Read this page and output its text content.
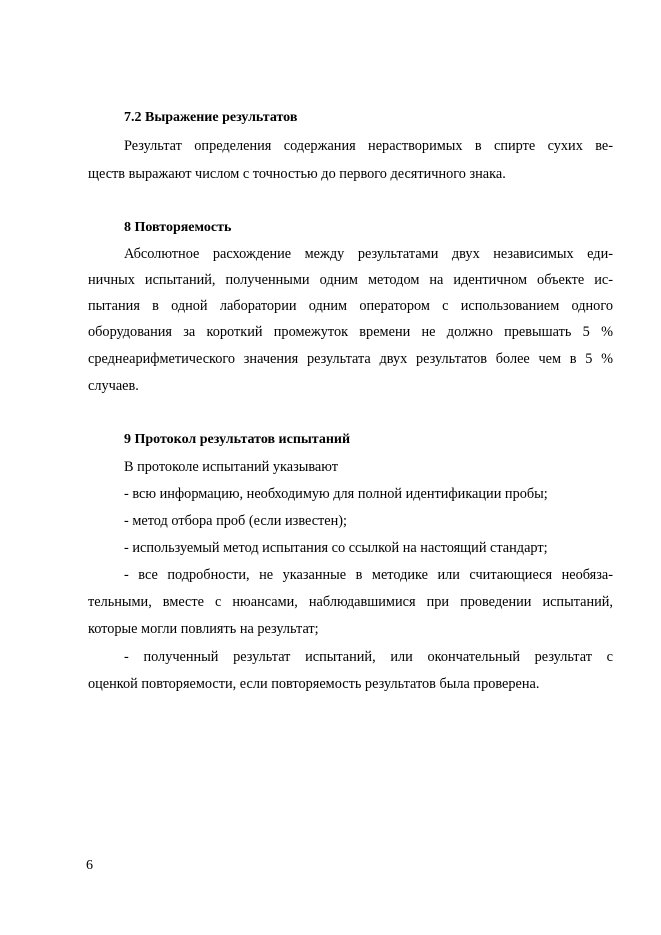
7.2 Выражение результатов
Результат определения содержания нерастворимых в спирте сухих ве-
ществ выражают числом с точностью до первого десятичного знака.
8 Повторяемость
Абсолютное расхождение между результатами двух независимых еди-
ничных испытаний, полученными одним методом на идентичном объекте ис-
пытания в одной лаборатории одним оператором с использованием одного
оборудования за короткий промежуток времени не должно превышать 5 %
среднеарифметического значения результата двух результатов более чем в 5 %
случаев.
9 Протокол результатов испытаний
В протоколе испытаний указывают
- всю информацию, необходимую для полной идентификации пробы;
- метод отбора проб (если известен);
- используемый метод испытания со ссылкой на настоящий стандарт;
- все подробности, не указанные в методике или считающиеся необяза-
тельными, вместе с нюансами, наблюдавшимися при проведении испытаний,
которые могли повлиять на результат;
- полученный результат испытаний, или окончательный результат с
оценкой повторяемости, если повторяемость результатов была проверена.
6
